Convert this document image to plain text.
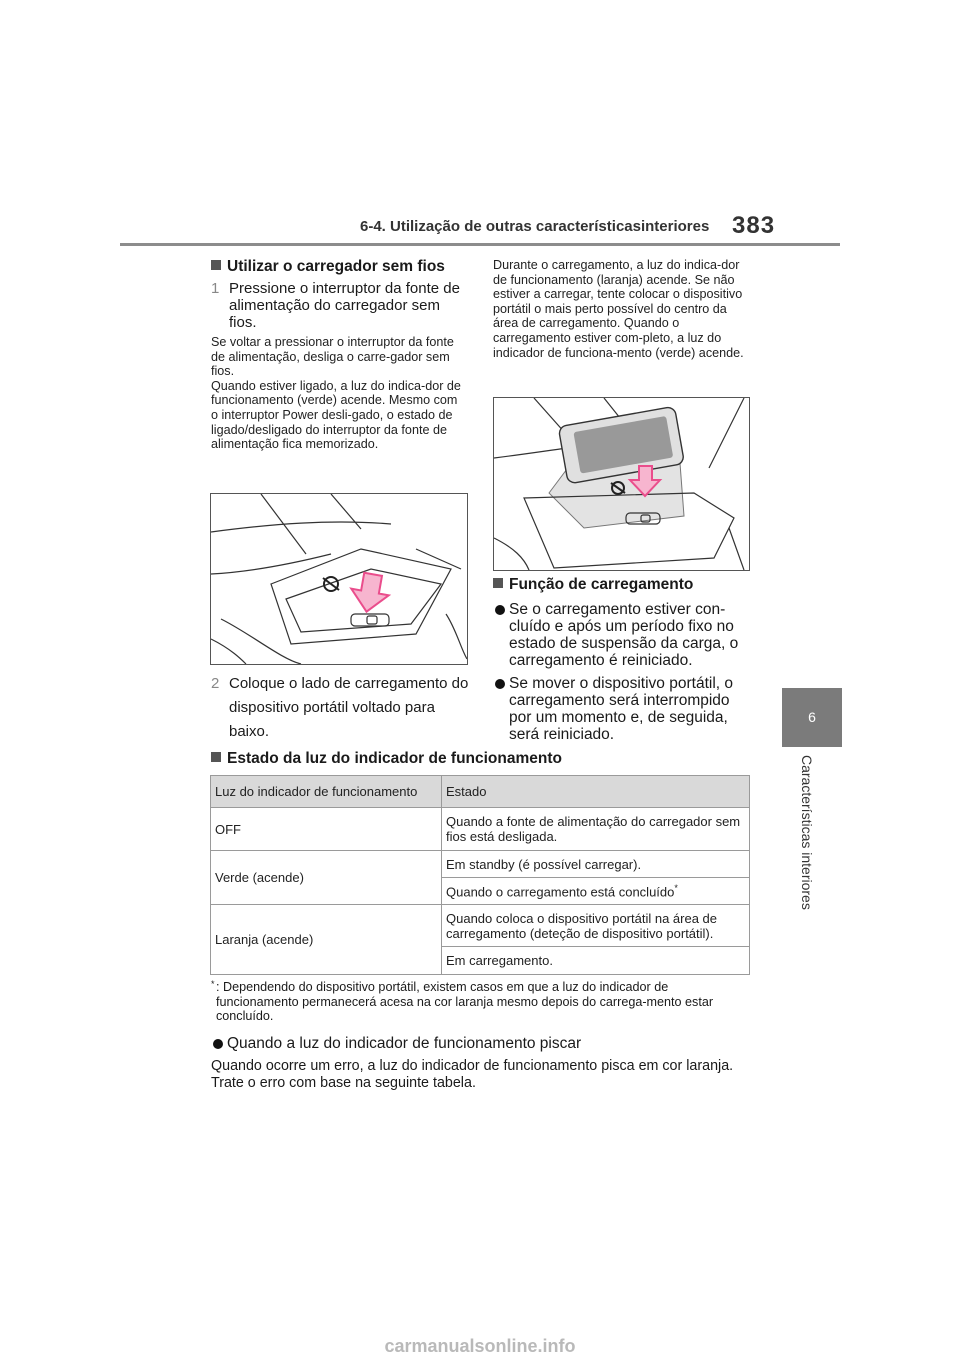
6-4. Utilização de outras característicasinteriores 383
6
Características interiores
Utilizar o carregador sem fios
1 Pressione o interruptor da fonte de alimentação do carregador sem fios.
Se voltar a pressionar o interruptor da fonte de alimentação, desliga o carre-gador sem fios.
Quando estiver ligado, a luz do indica-dor de funcionamento (verde) acende. Mesmo com o interruptor Power desli-gado, o estado de ligado/desligado do interruptor da fonte de alimentação fica memorizado.
2 Coloque o lado de carregamento do dispositivo portátil voltado para baixo.
Durante o carregamento, a luz do indica-dor de funcionamento (laranja) acende. Se não estiver a carregar, tente colocar o dispositivo portátil o mais perto possível do centro da área de carregamento. Quando o carregamento estiver com-pleto, a luz do indicador de funciona-mento (verde) acende.
Função de carregamento
Se o carregamento estiver con-cluído e após um período fixo no estado de suspensão da carga, o carregamento é reiniciado.
Se mover o dispositivo portátil, o carregamento será interrompido por um momento e, de seguida, será reiniciado.
Estado da luz do indicador de funcionamento
Luz do indicador de funcionamento	Estado
OFF	Quando a fonte de alimentação do carregador sem fios está desligada.
Verde (acende)	Em standby (é possível carregar).
	Quando o carregamento está concluído*
Laranja (acende)	Quando coloca o dispositivo portátil na área de carregamento (deteção de dispositivo portátil).
	Em carregamento.
* : Dependendo do dispositivo portátil, existem casos em que a luz do indicador de funcionamento permanecerá acesa na cor laranja mesmo depois do carrega-mento estar concluído.
Quando a luz do indicador de funcionamento piscar
Quando ocorre um erro, a luz do indicador de funcionamento pisca em cor laranja. Trate o erro com base na seguinte tabela.
carmanualsonline.info
